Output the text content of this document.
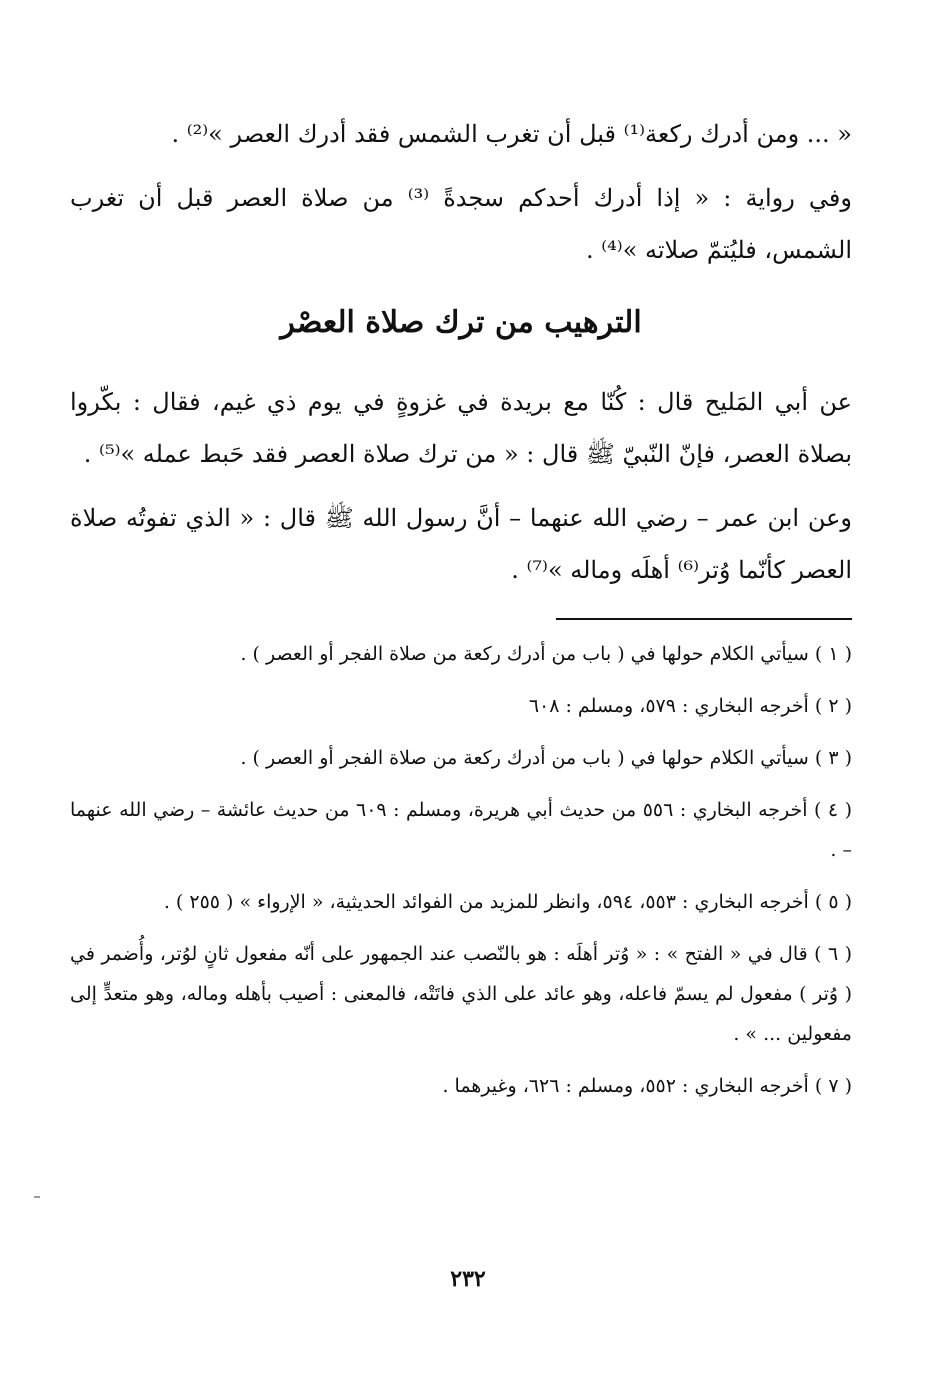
« ... ومن أدرك ركعة⁽¹⁾ قبل أن تغرب الشمس فقد أدرك العصر »⁽²⁾ .

وفي رواية : « إذا أدرك أحدكم سجدةً ⁽³⁾ من صلاة العصر قبل أن تغرب الشمس، فليُتمّ صلاته »⁽⁴⁾ .

الترهيب من ترك صلاة العصْر

عن أبي المَليح قال : كُنّا مع بريدة في غزوةٍ في يوم ذي غيم، فقال : بكّروا بصلاة العصر، فإنّ النّبيّ ﷺ قال : « من ترك صلاة العصر فقد حَبط عمله »⁽⁵⁾ .

وعن ابن عمر – رضي الله عنهما – أنَّ رسول الله ﷺ قال : « الذي تفوتُه صلاة العصر كأنّما وُتر⁽⁶⁾ أهلَه وماله »⁽⁷⁾ .

( ١ ) سيأتي الكلام حولها في ( باب من أدرك ركعة من صلاة الفجر أو العصر ) .

( ٢ ) أخرجه البخاري : ٥٧٩، ومسلم : ٦٠٨

( ٣ ) سيأتي الكلام حولها في ( باب من أدرك ركعة من صلاة الفجر أو العصر ) .

( ٤ ) أخرجه البخاري : ٥٥٦ من حديث أبي هريرة، ومسلم : ٦٠٩ من حديث عائشة – رضي الله عنهما – .

( ٥ ) أخرجه البخاري : ٥٥٣، ٥٩٤، وانظر للمزيد من الفوائد الحديثية، « الإرواء » ( ٢٥٥ ) .

( ٦ ) قال في « الفتح » : « وُتر أهلَه : هو بالنّصب عند الجمهور على أنّه مفعول ثانٍ لوُتر، وأُضمر في ( وُتر ) مفعول لم يسمّ فاعله، وهو عائد على الذي فاتَتْه، فالمعنى : أصيب بأهله وماله، وهو متعدٍّ إلى مفعولين ... » .

( ٧ ) أخرجه البخاري : ٥٥٢، ومسلم : ٦٢٦، وغيرهما .

٢٣٢
